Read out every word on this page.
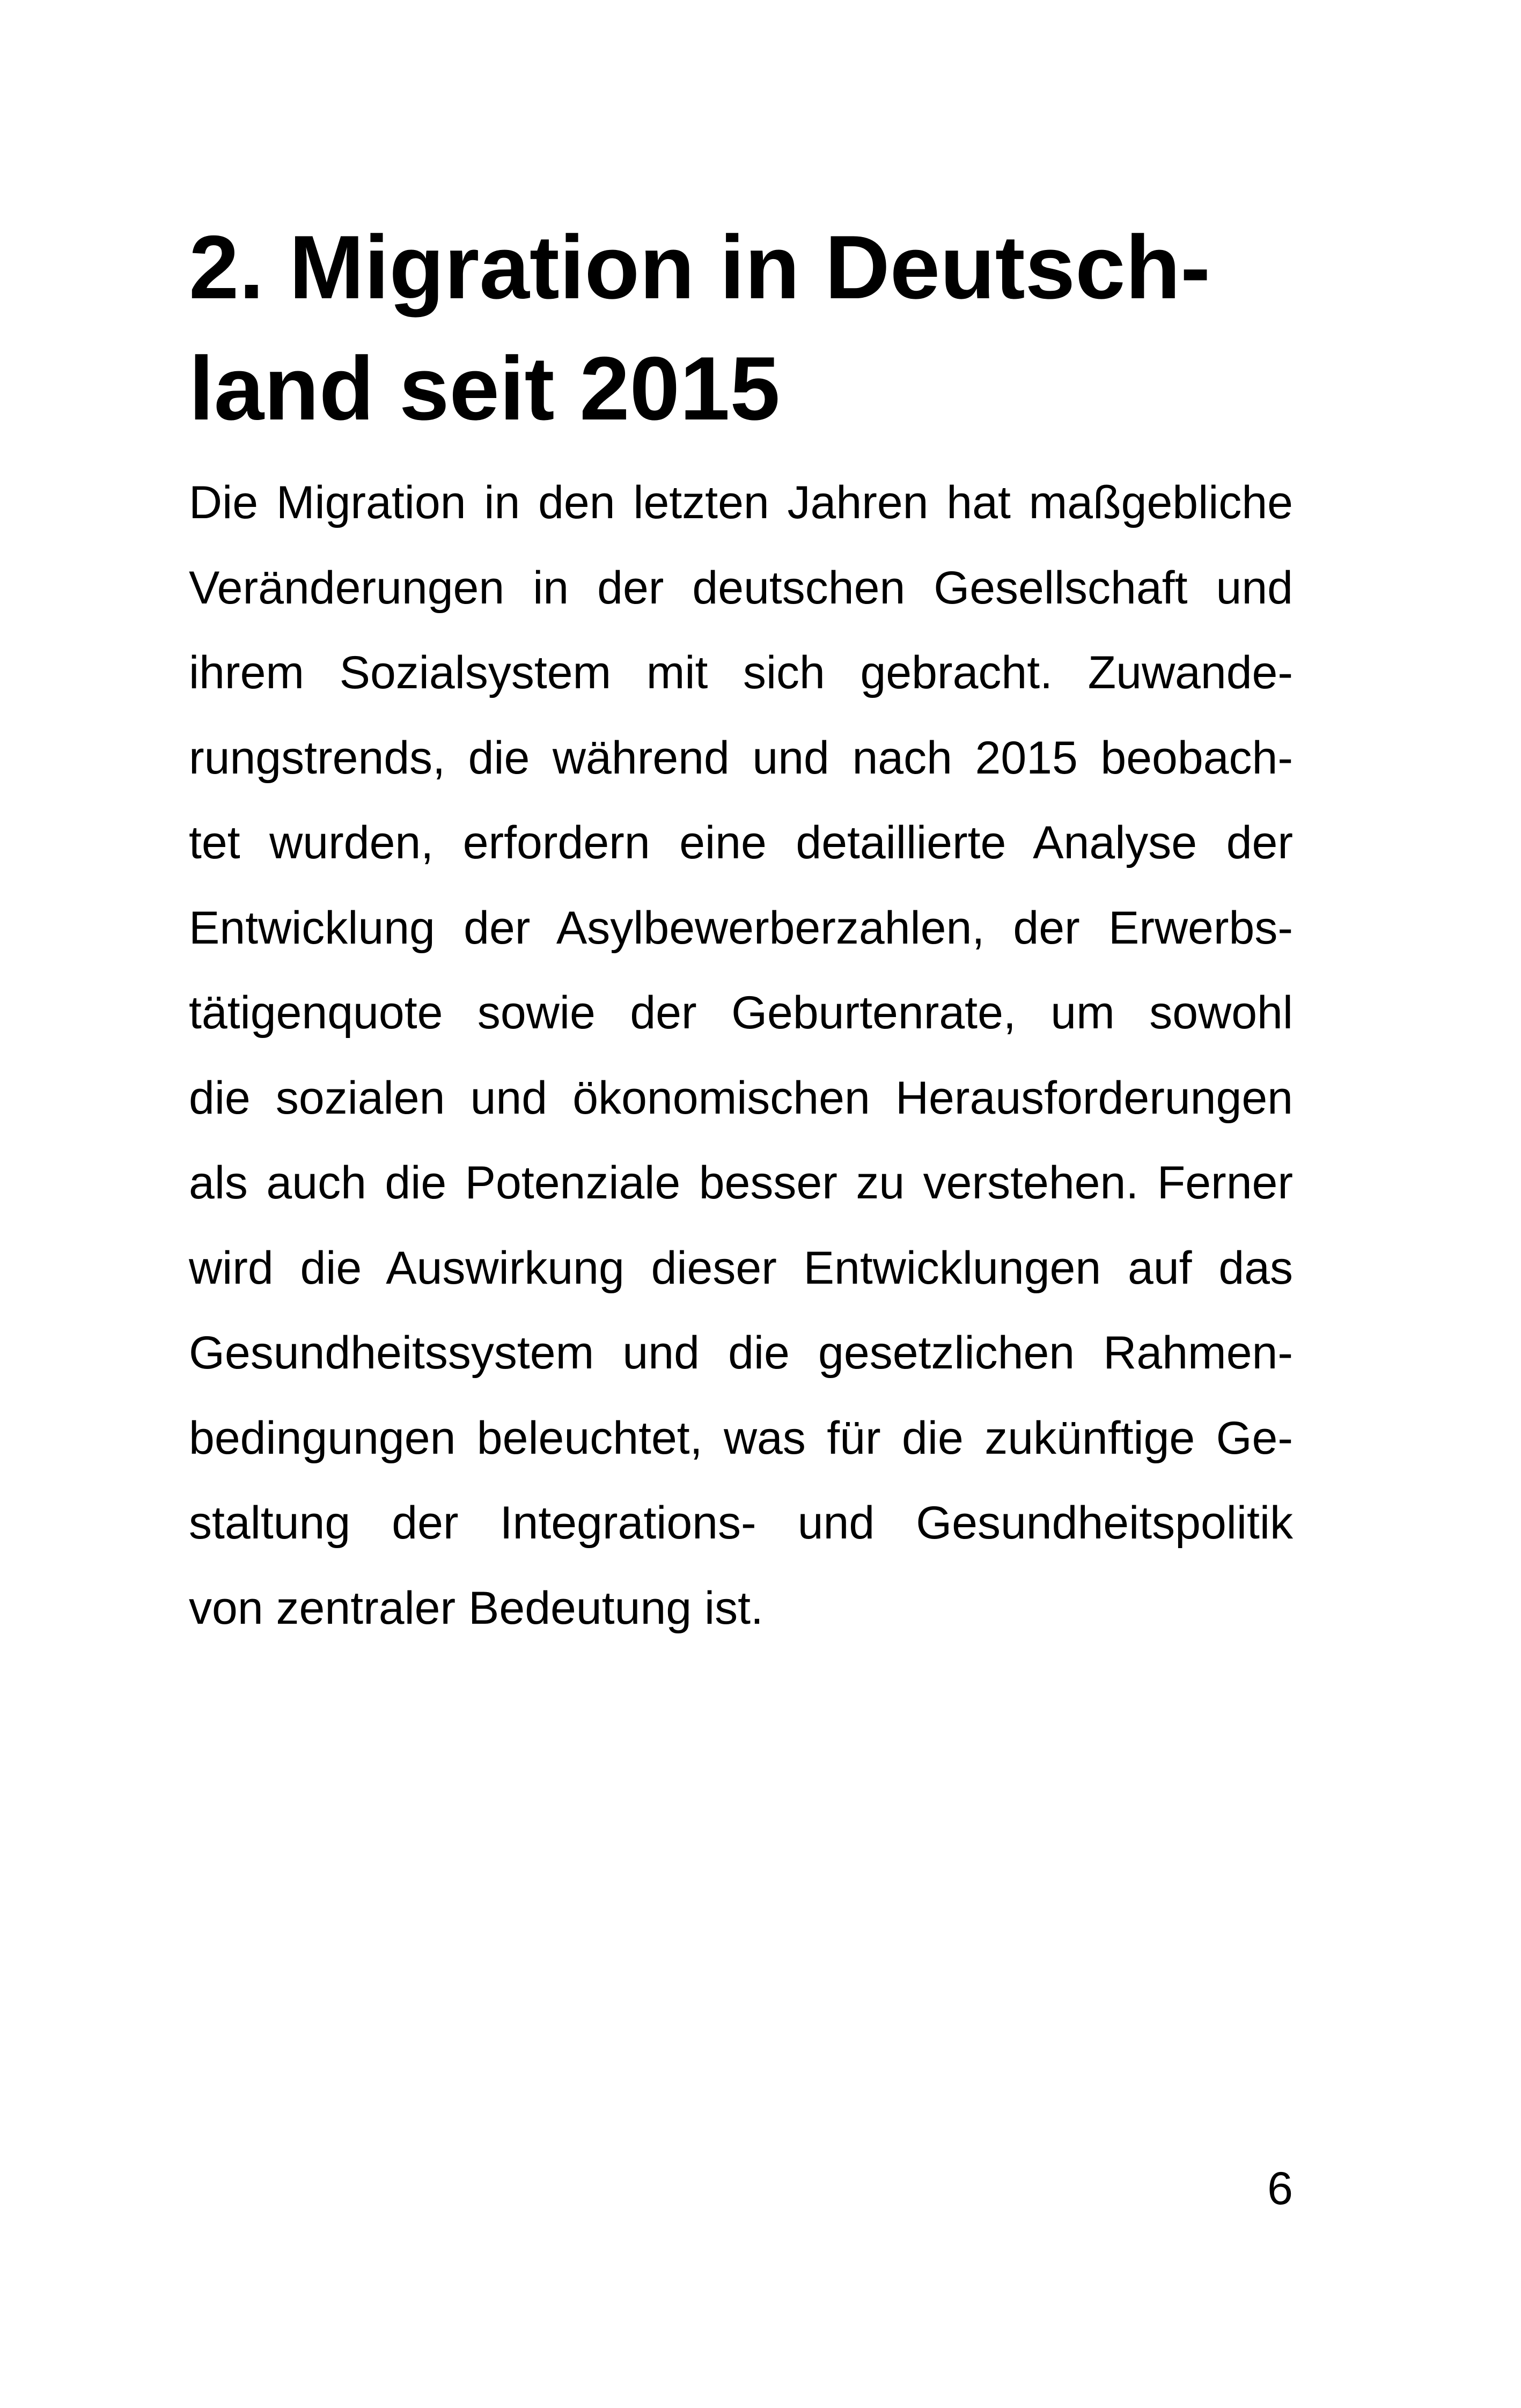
2. Migration in Deutsch-
land seit 2015

Die Migration in den letzten Jahren hat maßgebliche
Veränderungen in der deutschen Gesellschaft und
ihrem Sozialsystem mit sich gebracht. Zuwande-
rungstrends, die während und nach 2015 beobach-
tet wurden, erfordern eine detaillierte Analyse der
Entwicklung der Asylbewerberzahlen, der Erwerbs-
tätigenquote sowie der Geburtenrate, um sowohl
die sozialen und ökonomischen Herausforderungen
als auch die Potenziale besser zu verstehen. Ferner
wird die Auswirkung dieser Entwicklungen auf das
Gesundheitssystem und die gesetzlichen Rahmen-
bedingungen beleuchtet, was für die zukünftige Ge-
staltung der Integrations- und Gesundheitspolitik
von zentraler Bedeutung ist.

6
